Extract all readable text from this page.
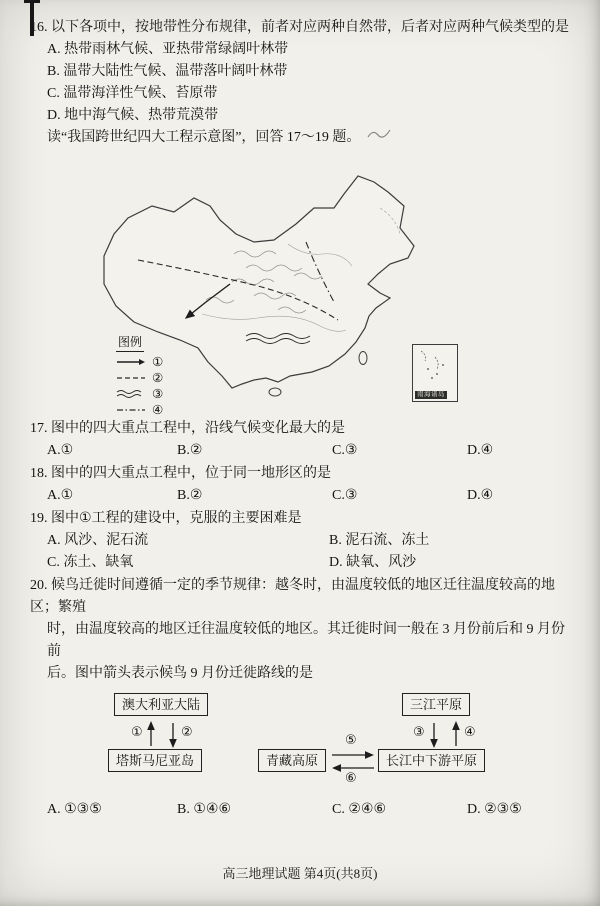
16. 以下各项中，按地带性分布规律，前者对应两种自然带，后者对应两种气候类型的是
A. 热带雨林气候、亚热带常绿阔叶林带
B. 温带大陆性气候、温带落叶阔叶林带
C. 温带海洋性气候、苔原带
D. 地中海气候、热带荒漠带
读“我国跨世纪四大工程示意图”，回答 17～19 题。
图例
①
②
③
④
南海诸岛
17. 图中的四大重点工程中，沿线气候变化最大的是
A.①	B.②	C.③	D.④
18. 图中的四大重点工程中，位于同一地形区的是
A.①	B.②	C.③	D.④
19. 图中①工程的建设中，克服的主要困难是
A. 风沙、泥石流	B. 泥石流、冻土
C. 冻土、缺氧	D. 缺氧、风沙
20. 候鸟迁徙时间遵循一定的季节规律：越冬时，由温度较低的地区迁往温度较高的地区；繁殖
时，由温度较高的地区迁往温度较低的地区。其迁徙时间一般在 3 月份前后和 9 月份前
后。图中箭头表示候鸟 9 月份迁徙路线的是
澳大利亚大陆
塔斯马尼亚岛
三江平原
青藏高原	长江中下游平原
①	②	③	④
⑤
⑥
A. ①③⑤	B. ①④⑥	C. ②④⑥	D. ②③⑤
高三地理试题 第4页(共8页)
